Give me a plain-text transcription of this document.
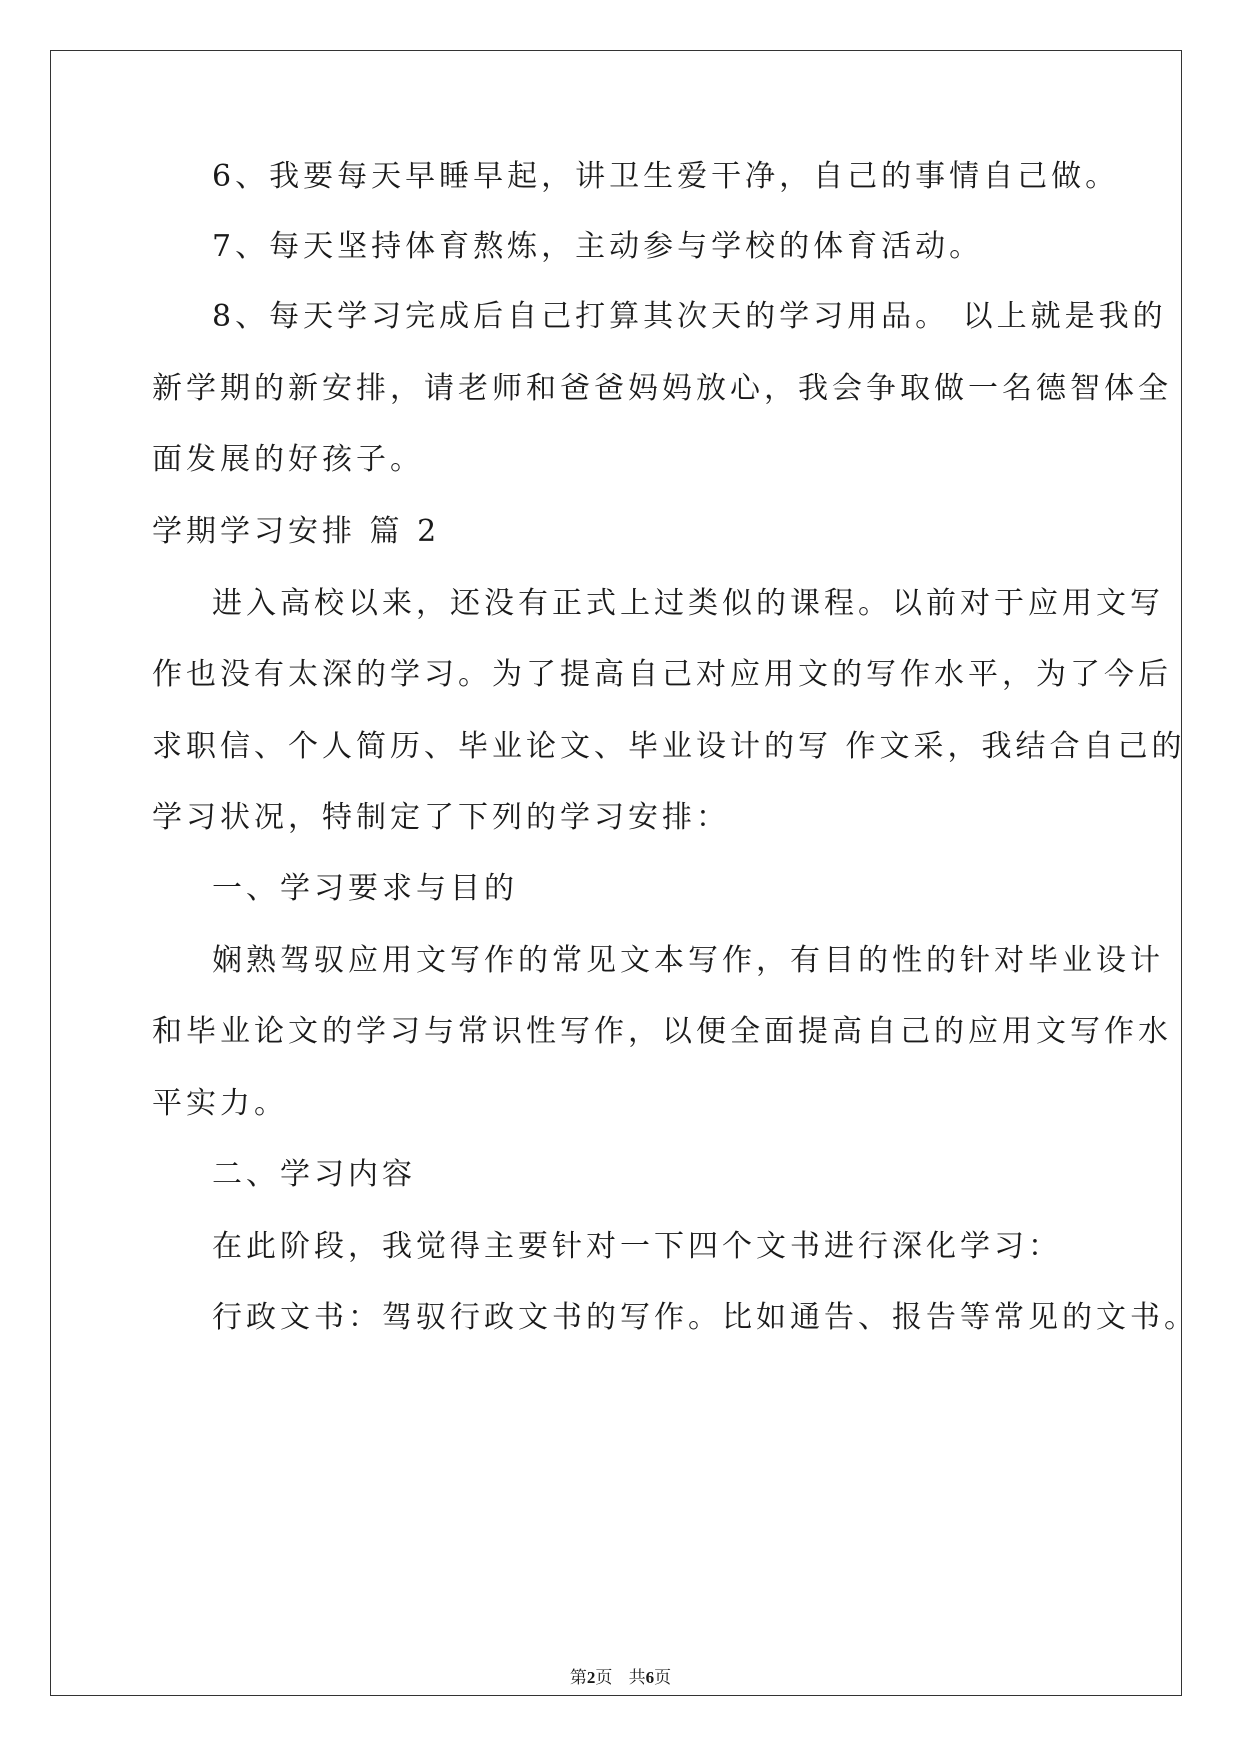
6、我要每天早睡早起，讲卫生爱干净，自己的事情自己做。
7、每天坚持体育熬炼，主动参与学校的体育活动。
8、每天学习完成后自己打算其次天的学习用品。 以上就是我的
新学期的新安排，请老师和爸爸妈妈放心，我会争取做一名德智体全
面发展的好孩子。
学期学习安排 篇 2
进入高校以来，还没有正式上过类似的课程。以前对于应用文写
作也没有太深的学习。为了提高自己对应用文的写作水平，为了今后
求职信、个人简历、毕业论文、毕业设计的写 作文采，我结合自己的
学习状况，特制定了下列的学习安排：
一、学习要求与目的
娴熟驾驭应用文写作的常见文本写作，有目的性的针对毕业设计
和毕业论文的学习与常识性写作，以便全面提高自己的应用文写作水
平实力。
二、学习内容
在此阶段，我觉得主要针对一下四个文书进行深化学习：
行政文书：驾驭行政文书的写作。比如通告、报告等常见的文书。
第2页 共6页
